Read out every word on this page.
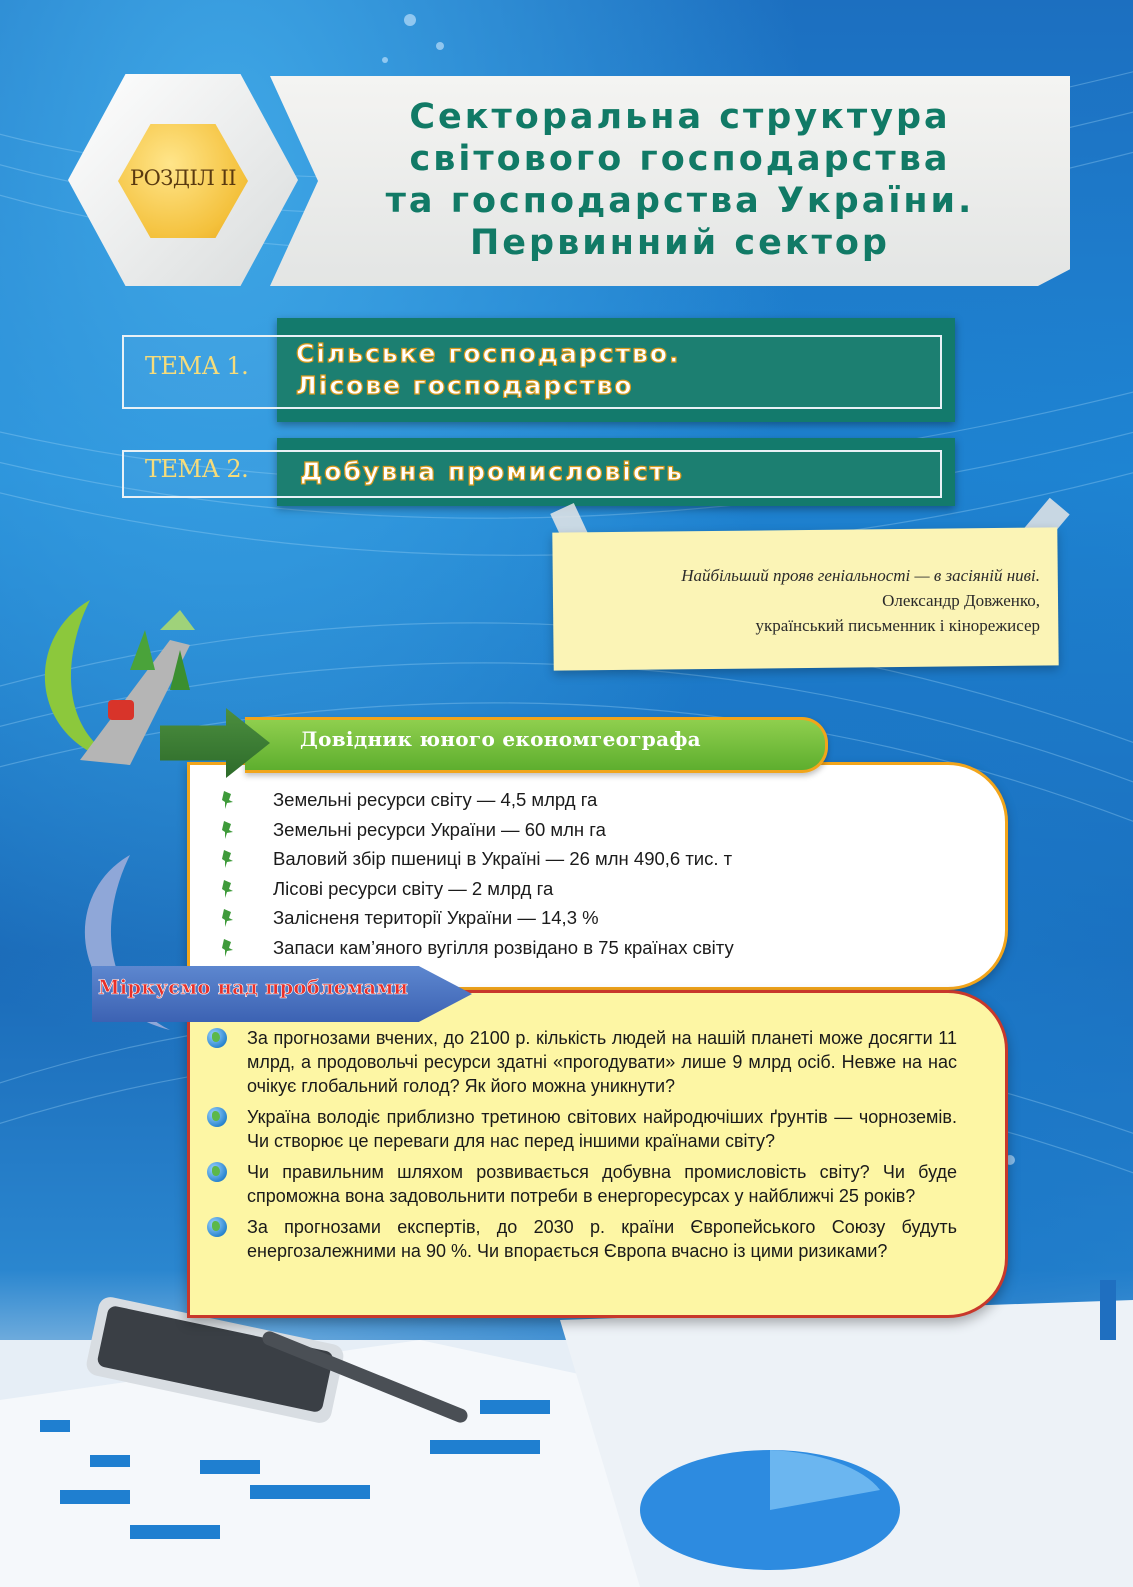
РОЗДІЛ ІІ
Секторальна структура
світового господарства
та господарства України.
Первинний сектор
ТЕМА 1. Сільське господарство.
Лісове господарство
ТЕМА 2. Добувна промисловість
Найбільший прояв геніальності — в засіяній ниві.
Олександр Довженко,
український письменник і кінорежисер
Довідник юного економгеографа
Земельні ресурси світу — 4,5 млрд га
Земельні ресурси України — 60 млн га
Валовий збір пшениці в Україні — 26 млн 490,6 тис. т
Лісові ресурси світу — 2 млрд га
Залісненя території України — 14,3 %
Запаси кам’яного вугілля розвідано в 75 країнах світу
Міркуємо над проблемами
За прогнозами вчених, до 2100 р. кількість людей на нашій планеті може досягти 11 млрд, а продовольчі ресурси здатні «прогодувати» лише 9 млрд осіб. Невже на нас очікує глобальний голод? Як його можна уникнути?
Україна володіє приблизно третиною світових найродючіших ґрунтів — чорноземів. Чи створює це переваги для нас перед іншими країнами світу?
Чи правильним шляхом розвивається добувна промисловість світу? Чи буде спроможна вона задовольнити потреби в енергоресурсах у найближчі 25 років?
За прогнозами експертів, до 2030 р. країни Європейського Союзу будуть енергозалежними на 90 %. Чи впорається Європа вчасно із цими ризиками?
